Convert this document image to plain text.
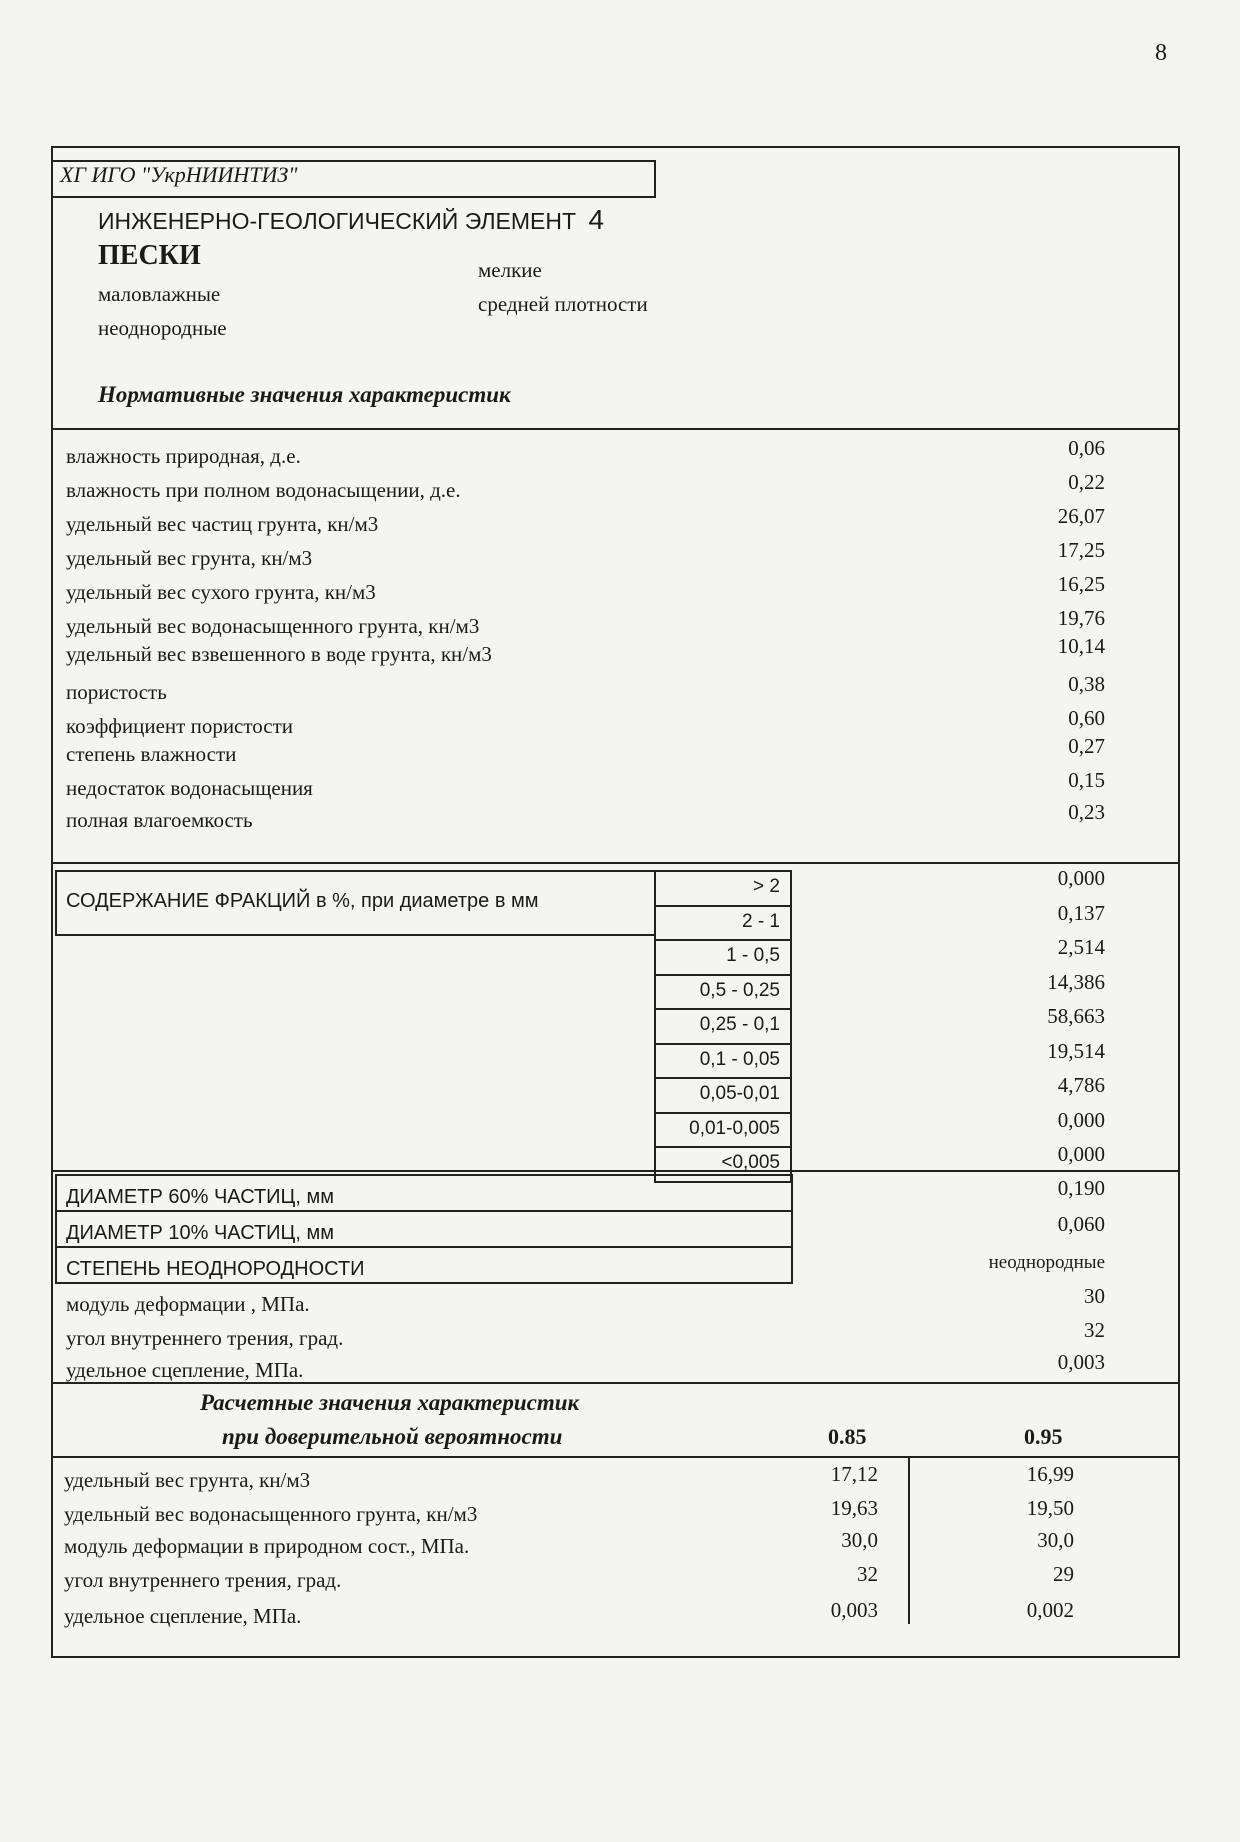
8
ХГ ИГО "УкрНИИНТИЗ"
ИНЖЕНЕРНО-ГЕОЛОГИЧЕСКИЙ ЭЛЕМЕНТ 4
ПЕСКИ
маловлажные
неоднородные
мелкие
средней плотности
Нормативные значения характеристик
влажность природная, д.е.	0,06
влажность при полном водонасыщении, д.е.	0,22
удельный вес частиц грунта, кн/м3	26,07
удельный вес грунта, кн/м3	17,25
удельный вес сухого грунта, кн/м3	16,25
удельный вес водонасыщенного грунта, кн/м3	19,76
удельный вес взвешенного в воде грунта, кн/м3	10,14
пористость	0,38
коэффициент пористости	0,60
степень влажности	0,27
недостаток водонасыщения	0,15
полная влагоемкость	0,23
СОДЕРЖАНИЕ ФРАКЦИЙ в %, при диаметре в мм
> 2	0,000
2 - 1	0,137
1 - 0,5	2,514
0,5 - 0,25	14,386
0,25 - 0,1	58,663
0,1 - 0,05	19,514
0,05-0,01	4,786
0,01-0,005	0,000
<0,005	0,000
ДИАМЕТР 60% ЧАСТИЦ, мм	0,190
ДИАМЕТР 10% ЧАСТИЦ, мм	0,060
СТЕПЕНЬ НЕОДНОРОДНОСТИ	неоднородные
модуль деформации , МПа.	30
угол внутреннего трения, град.	32
удельное сцепление, МПа.	0,003
Расчетные значения характеристик
при доверительной вероятности	0.85	0.95
удельный вес грунта, кн/м3	17,12	16,99
удельный вес водонасыщенного грунта, кн/м3	19,63	19,50
модуль деформации в природном сост., МПа.	30,0	30,0
угол внутреннего трения, град.	32	29
удельное сцепление, МПа.	0,003	0,002
